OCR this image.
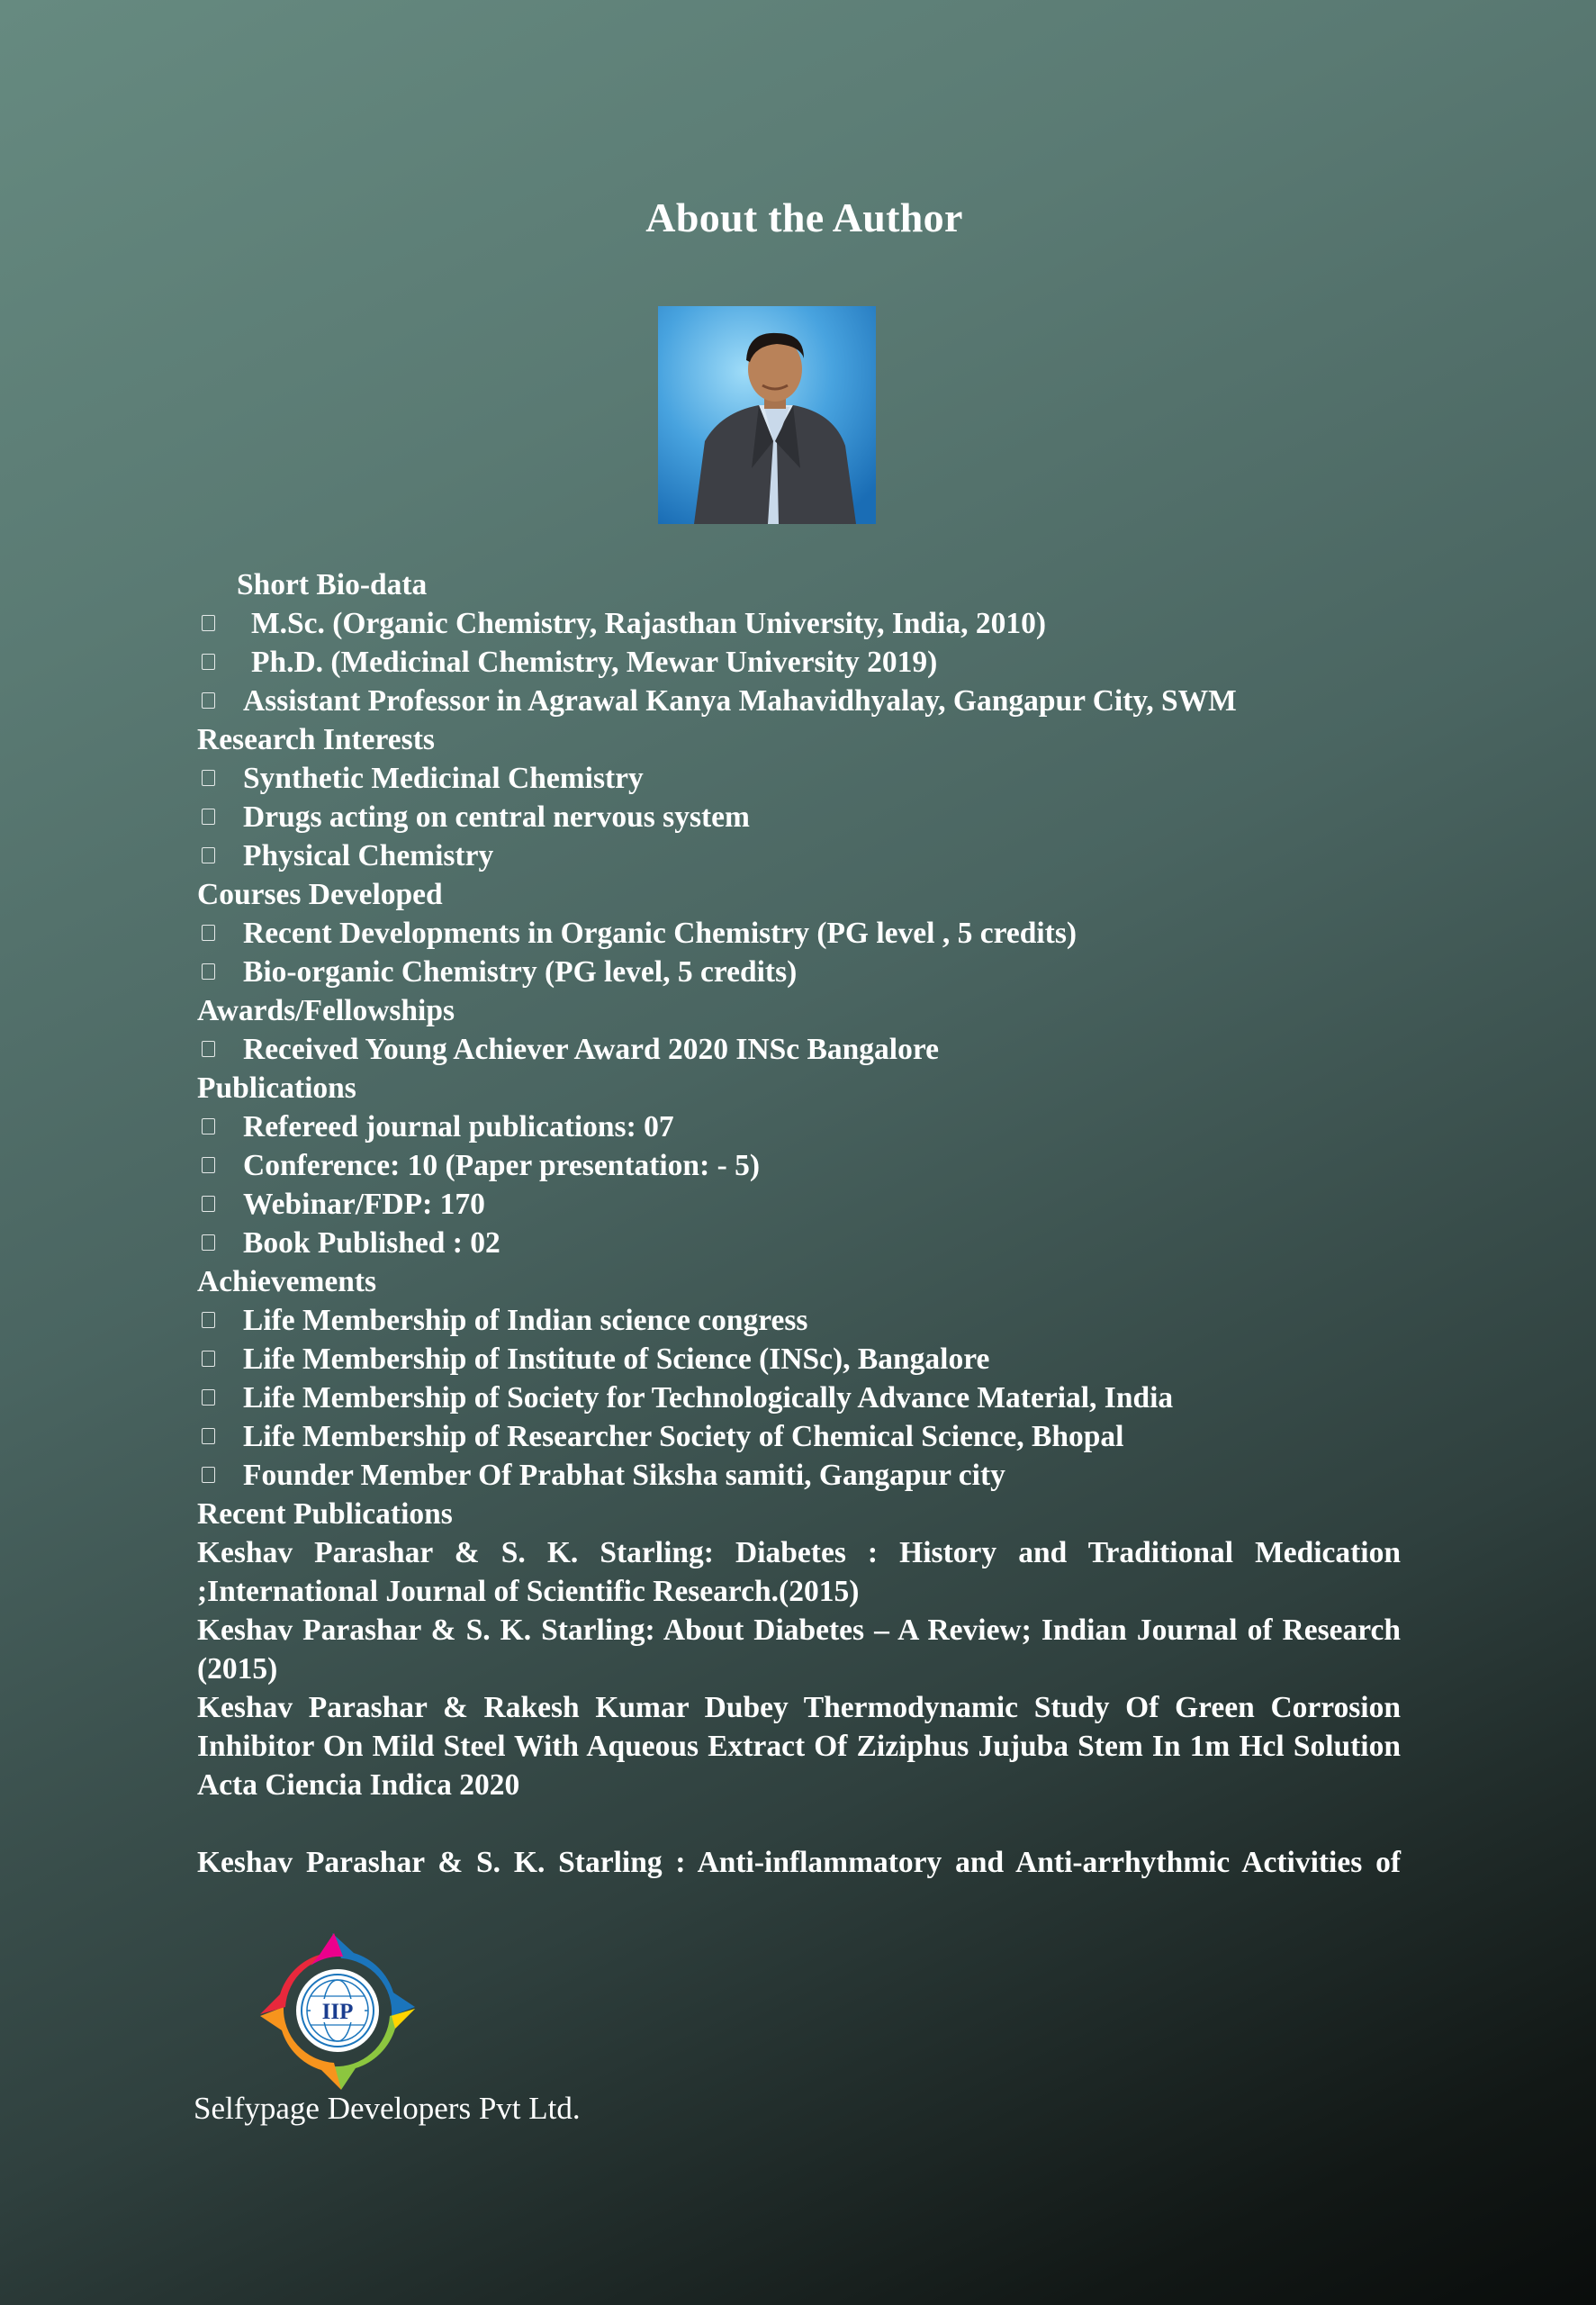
About the Author
Short Bio-data
M.Sc. (Organic Chemistry, Rajasthan University, India, 2010)
Ph.D. (Medicinal Chemistry, Mewar University 2019)
Assistant Professor in Agrawal Kanya Mahavidhyalay, Gangapur City, SWM
Research Interests
Synthetic Medicinal Chemistry
Drugs acting on central nervous system
Physical Chemistry
Courses Developed
Recent Developments in Organic Chemistry (PG level , 5 credits)
Bio-organic Chemistry (PG level, 5 credits)
Awards/Fellowships
Received Young Achiever Award 2020 INSc Bangalore
Publications
Refereed journal publications: 07
Conference: 10 (Paper presentation: - 5)
Webinar/FDP: 170
Book Published : 02
Achievements
Life Membership of Indian science congress
Life Membership of Institute of Science (INSc), Bangalore
Life Membership of Society for Technologically Advance Material, India
Life Membership of Researcher Society of Chemical Science, Bhopal
Founder Member Of Prabhat Siksha samiti, Gangapur city
Recent Publications
Keshav Parashar & S. K. Starling: Diabetes : History and Traditional Medication ;International Journal of Scientific Research.(2015)
Keshav Parashar & S. K. Starling: About Diabetes – A Review; Indian Journal of Research (2015)
Keshav Parashar & Rakesh Kumar Dubey Thermodynamic Study Of Green Corrosion Inhibitor On Mild Steel With Aqueous Extract Of Ziziphus Jujuba Stem In 1m Hcl Solution Acta Ciencia Indica 2020
Keshav Parashar & S. K. Starling : Anti-inflammatory and Anti-arrhythmic Activities of
IIP
Selfypage Developers Pvt Ltd.
